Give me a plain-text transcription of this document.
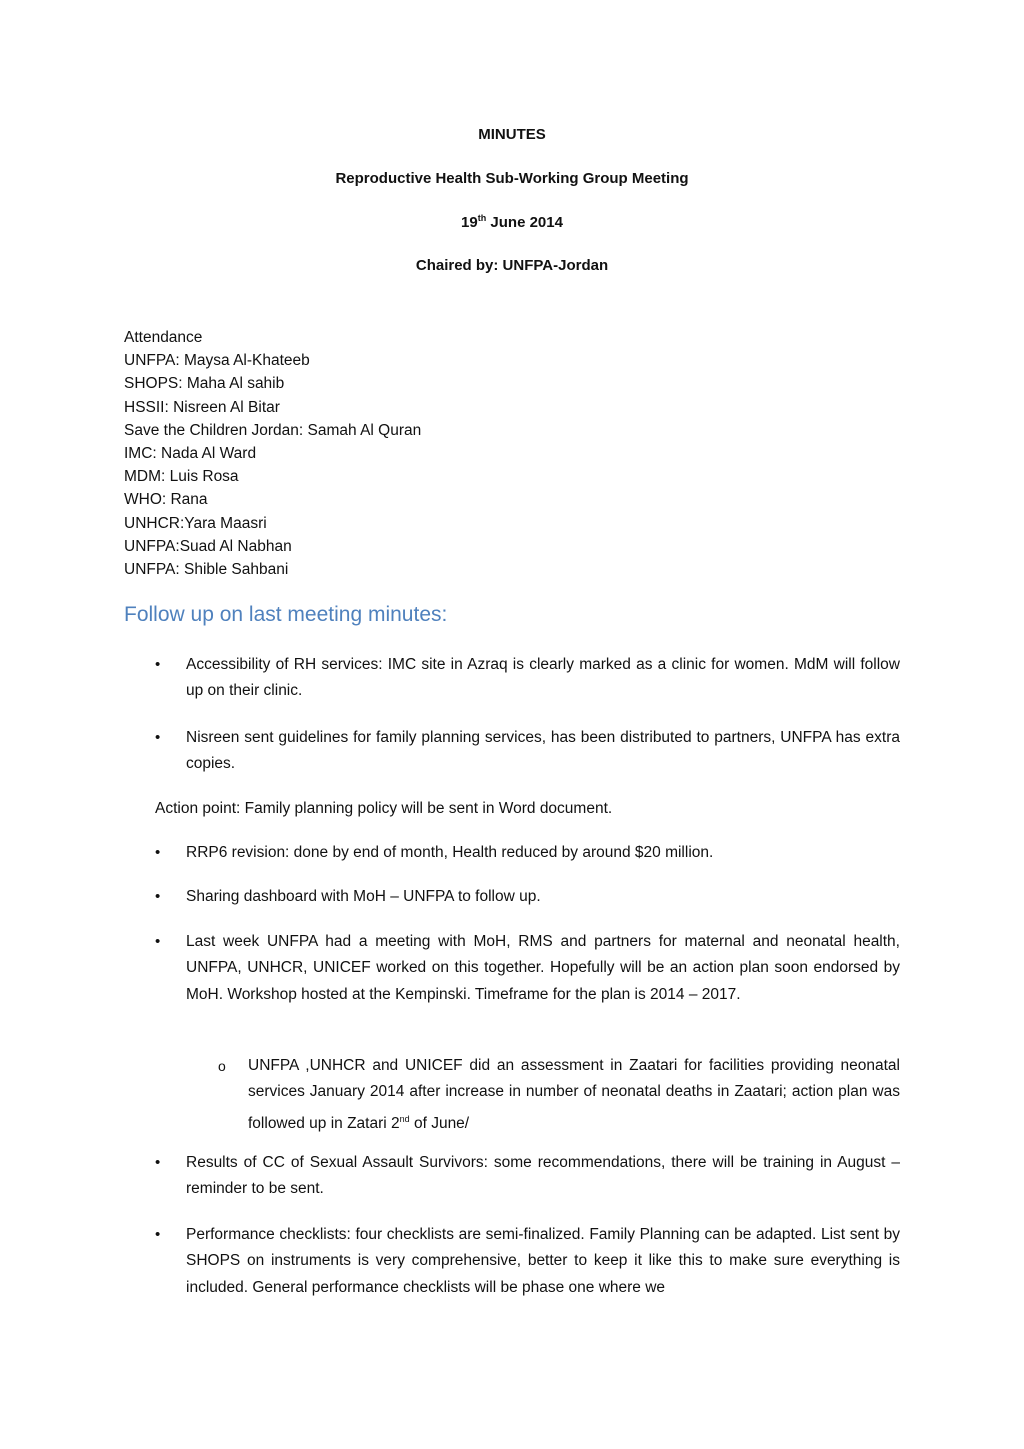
MINUTES
Reproductive Health Sub-Working Group Meeting
19th June 2014
Chaired by: UNFPA-Jordan
Attendance
UNFPA: Maysa Al-Khateeb
SHOPS: Maha Al sahib
HSSII: Nisreen Al Bitar
Save the Children Jordan: Samah Al Quran
IMC: Nada Al Ward
MDM: Luis Rosa
WHO: Rana
UNHCR:Yara Maasri
UNFPA:Suad Al Nabhan
UNFPA: Shible Sahbani
Follow up on last meeting minutes:
• Accessibility of RH services: IMC site in Azraq is clearly marked as a clinic for women. MdM will follow up on their clinic.
• Nisreen sent guidelines for family planning services, has been distributed to partners, UNFPA has extra copies.
Action point: Family planning policy will be sent in Word document.
• RRP6 revision: done by end of month, Health reduced by around $20 million.
• Sharing dashboard with MoH – UNFPA to follow up.
• Last week UNFPA had a meeting with MoH, RMS and partners for maternal and neonatal health, UNFPA, UNHCR, UNICEF worked on this together. Hopefully will be an action plan soon endorsed by MoH. Workshop hosted at the Kempinski. Timeframe for the plan is 2014 – 2017.
o UNFPA ,UNHCR and UNICEF did an assessment in Zaatari for facilities providing neonatal services January 2014 after increase in number of neonatal deaths in Zaatari; action plan was followed up in Zatari 2nd of June/
• Results of CC of Sexual Assault Survivors: some recommendations, there will be training in August – reminder to be sent.
• Performance checklists: four checklists are semi-finalized. Family Planning can be adapted. List sent by SHOPS on instruments is very comprehensive, better to keep it like this to make sure everything is included. General performance checklists will be phase one where we
